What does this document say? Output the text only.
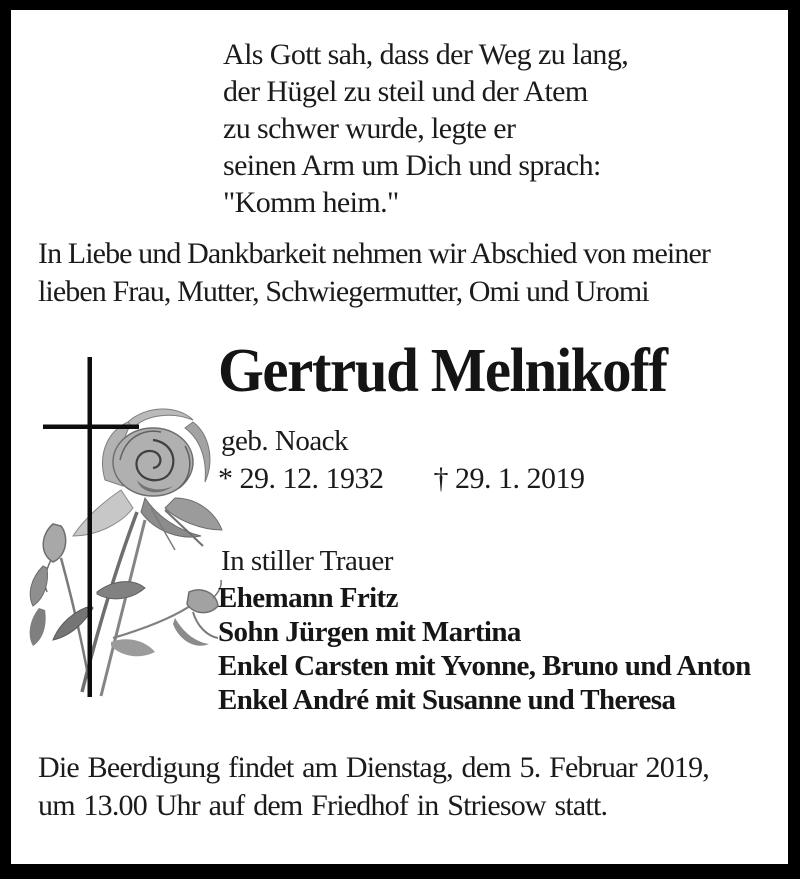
Als Gott sah, dass der Weg zu lang,
der Hügel zu steil und der Atem
zu schwer wurde, legte er
seinen Arm um Dich und sprach:
"Komm heim."
In Liebe und Dankbarkeit nehmen wir Abschied von meiner
lieben Frau, Mutter, Schwiegermutter, Omi und Uromi
Gertrud Melnikoff
geb. Noack
* 29. 12. 1932 † 29. 1. 2019
In stiller Trauer
Ehemann Fritz
Sohn Jürgen mit Martina
Enkel Carsten mit Yvonne, Bruno und Anton
Enkel André mit Susanne und Theresa
Die Beerdigung findet am Dienstag, dem 5. Februar 2019,
um 13.00 Uhr auf dem Friedhof in Striesow statt.
